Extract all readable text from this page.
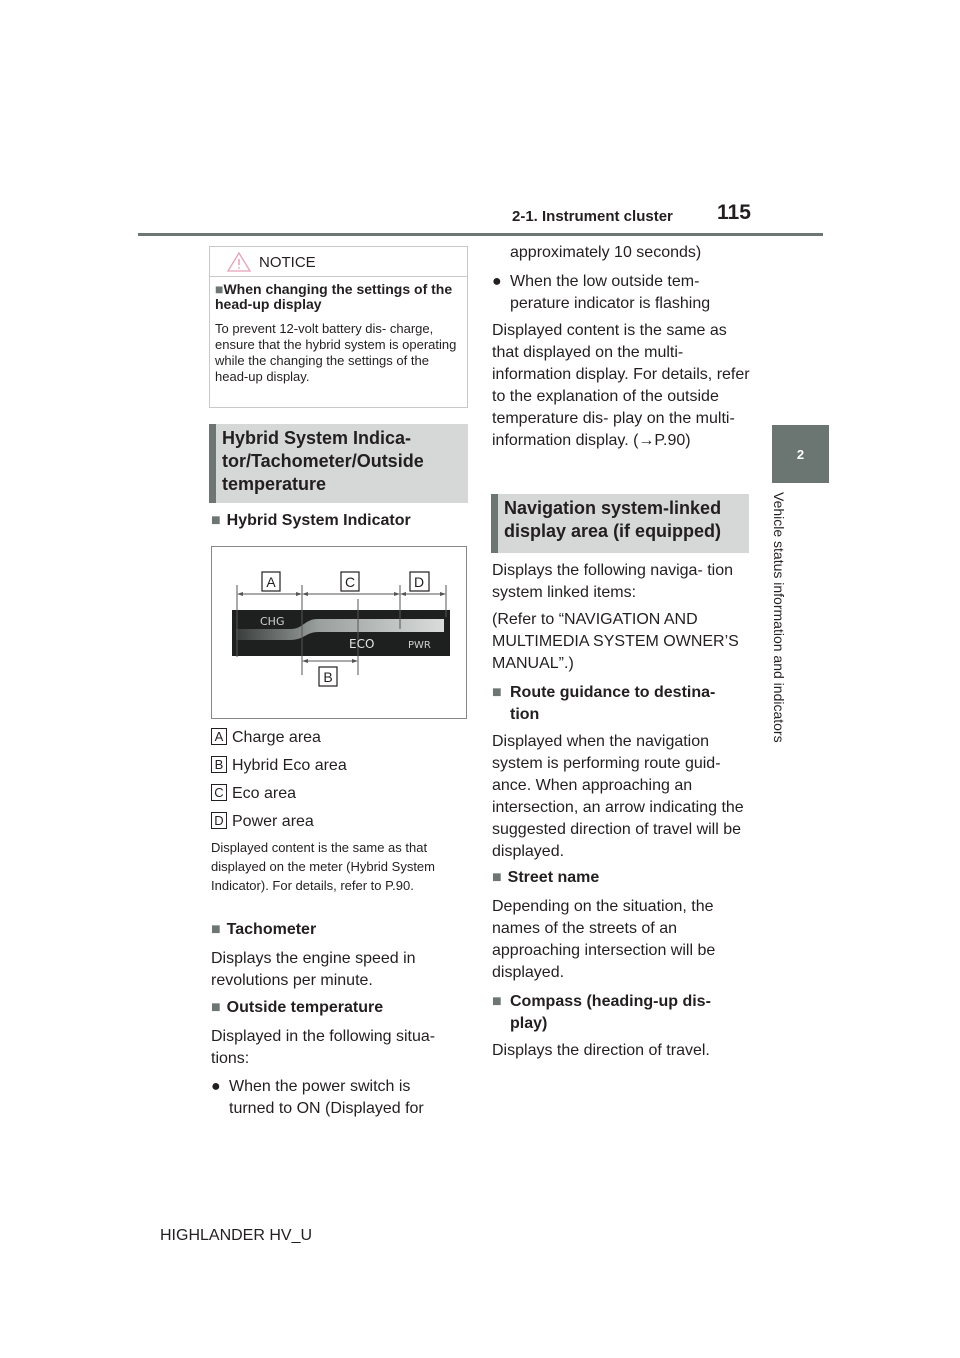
2-1. Instrument cluster 115
2
Vehicle status information and indicators
NOTICE
■When changing the settings of the head-up display
To prevent 12-volt battery dis- charge, ensure that the hybrid system is operating while the changing the settings of the head-up display.
Hybrid System Indica- tor/Tachometer/Outside temperature
■ Hybrid System Indicator
A	C	D
B
CHG
ECO	PWR
A Charge area
B Hybrid Eco area
C Eco area
D Power area
Displayed content is the same as that displayed on the meter (Hybrid System Indicator). For details, refer to P.90.
■ Tachometer
Displays the engine speed in revolutions per minute.
■ Outside temperature
Displayed in the following situa- tions:
● When the power switch is turned to ON (Displayed for
approximately 10 seconds)
● When the low outside tem- perature indicator is flashing
Displayed content is the same as that displayed on the multi-information display. For details, refer to the explanation of the outside temperature dis- play on the multi-information display. (→P.90)
Navigation system-linked display area (if equipped)
Displays the following naviga- tion system linked items:
(Refer to “NAVIGATION AND MULTIMEDIA SYSTEM OWNER’S MANUAL”.)
■ Route guidance to destina- tion
Displayed when the navigation system is performing route guid- ance. When approaching an intersection, an arrow indicating the suggested direction of travel will be displayed.
■ Street name
Depending on the situation, the names of the streets of an approaching intersection will be displayed.
■ Compass (heading-up dis- play)
Displays the direction of travel.
HIGHLANDER HV_U
